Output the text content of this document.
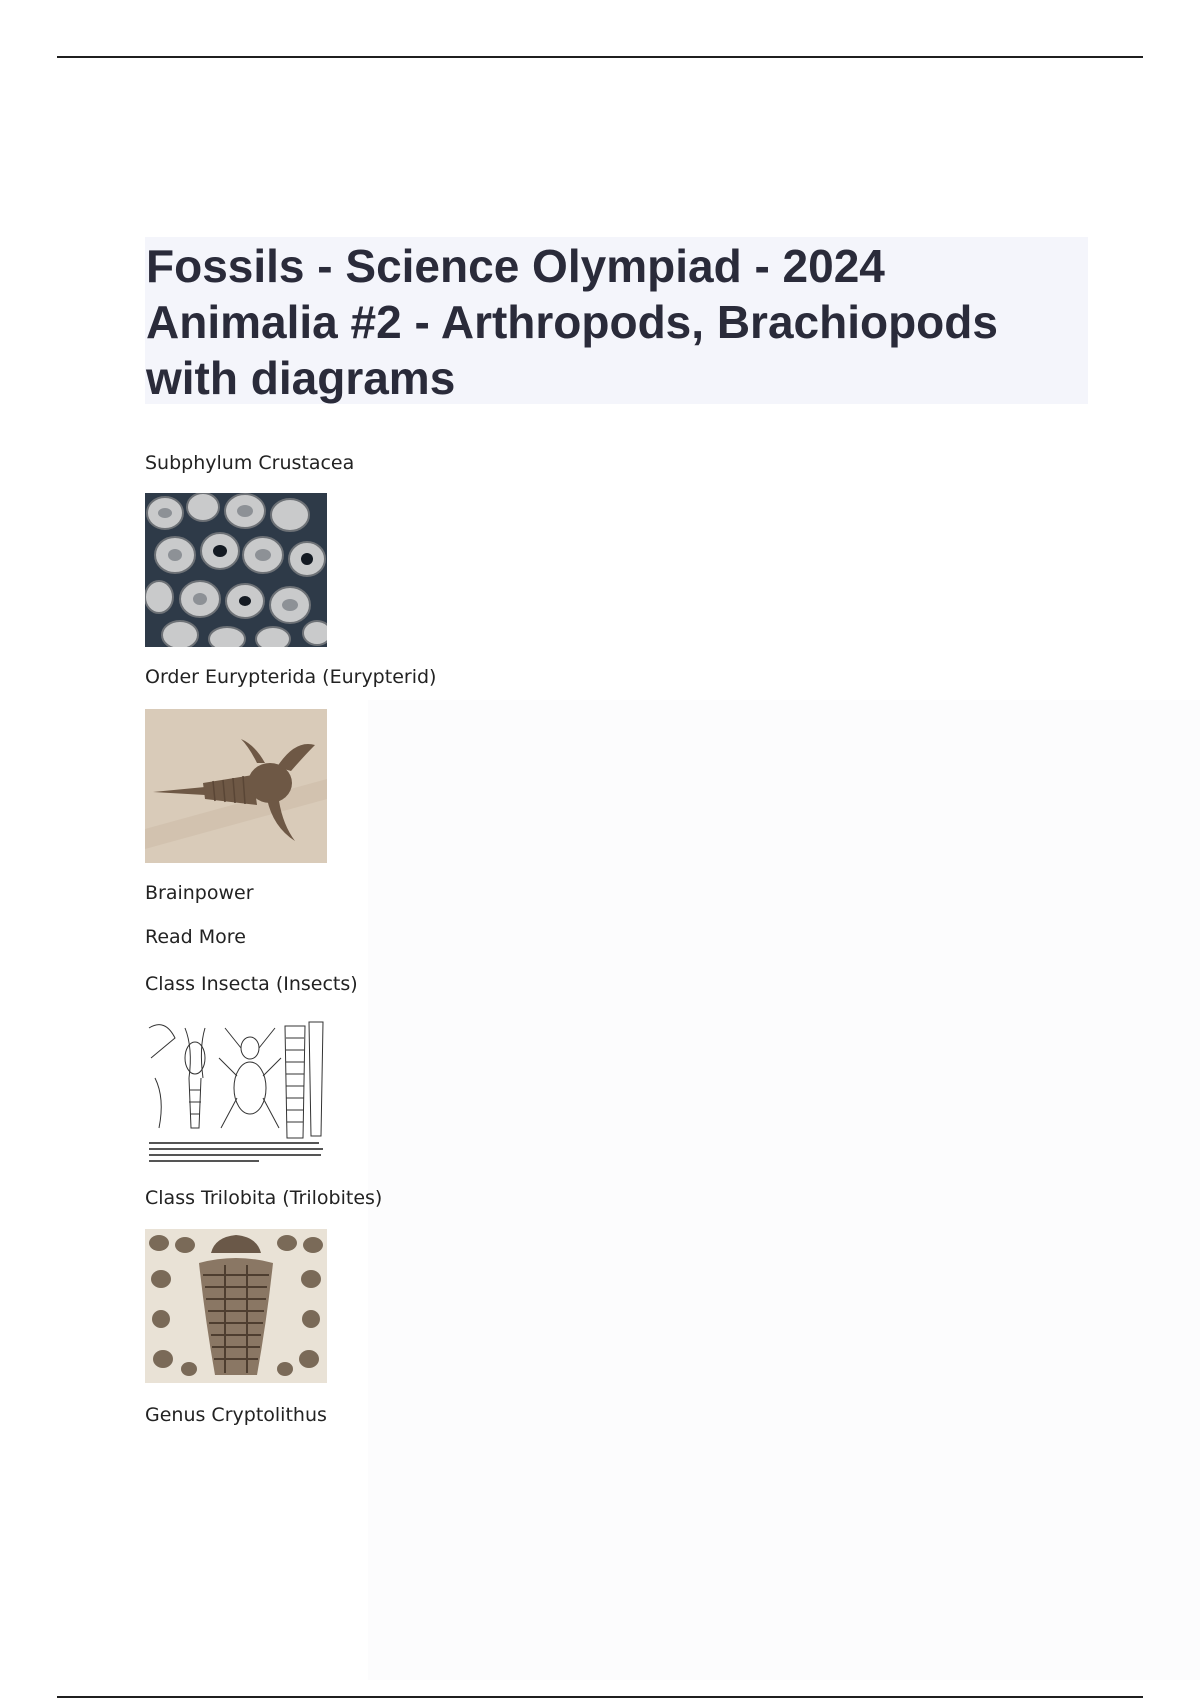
Fossils - Science Olympiad - 2024 Animalia #2 - Arthropods, Brachiopods with diagrams

Subphylum Crustacea

Order Eurypterida (Eurypterid)

Brainpower

Read More

Class Insecta (Insects)

Class Trilobita (Trilobites)

Genus Cryptolithus
